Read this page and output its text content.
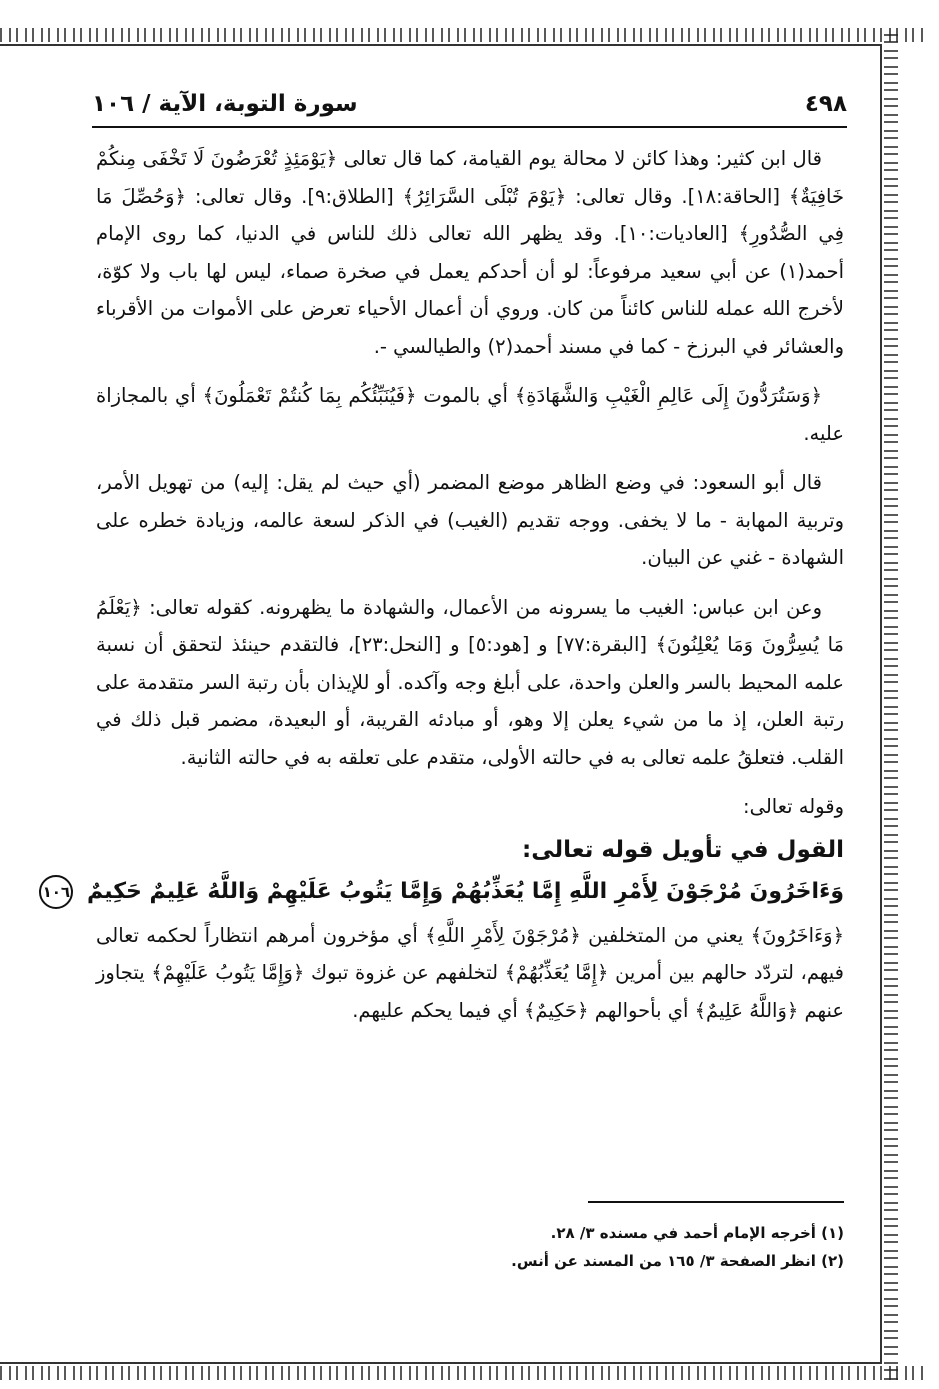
٤٩٨
سورة التوبة، الآية / ١٠٦

قال ابن كثير: وهذا كائن لا محالة يوم القيامة، كما قال تعالى ﴿يَوْمَئِذٍ تُعْرَضُونَ لَا تَخْفَى مِنكُمْ خَافِيَةٌ﴾ [الحاقة:١٨]. وقال تعالى: ﴿يَوْمَ تُبْلَى السَّرَائِرُ﴾ [الطلاق:٩]. وقال تعالى: ﴿وَحُصِّلَ مَا فِي الصُّدُورِ﴾ [العاديات:١٠]. وقد يظهر الله تعالى ذلك للناس في الدنيا، كما روى الإمام أحمد(١) عن أبي سعيد مرفوعاً: لو أن أحدكم يعمل في صخرة صماء، ليس لها باب ولا كوّة، لأخرج الله عمله للناس كائناً من كان. وروي أن أعمال الأحياء تعرض على الأموات من الأقرباء والعشائر في البرزخ - كما في مسند أحمد(٢) والطيالسي -.

﴿وَسَتُرَدُّونَ إِلَى عَالِمِ الْغَيْبِ وَالشَّهَادَةِ﴾ أي بالموت ﴿فَيُنَبِّئُكُم بِمَا كُنتُمْ تَعْمَلُونَ﴾ أي بالمجازاة عليه.

قال أبو السعود: في وضع الظاهر موضع المضمر (أي حيث لم يقل: إليه) من تهويل الأمر، وتربية المهابة - ما لا يخفى. ووجه تقديم (الغيب) في الذكر لسعة عالمه، وزيادة خطره على الشهادة - غني عن البيان.

وعن ابن عباس: الغيب ما يسرونه من الأعمال، والشهادة ما يظهرونه. كقوله تعالى: ﴿يَعْلَمُ مَا يُسِرُّونَ وَمَا يُعْلِنُونَ﴾ [البقرة:٧٧] و [هود:٥] و [النحل:٢٣]، فالتقدم حينئذ لتحقق أن نسبة علمه المحيط بالسر والعلن واحدة، على أبلغ وجه وآكده. أو للإيذان بأن رتبة السر متقدمة على رتبة العلن، إذ ما من شيء يعلن إلا وهو، أو مبادئه القريبة، أو البعيدة، مضمر قبل ذلك في القلب. فتعلقُ علمه تعالى به في حالته الأولى، متقدم على تعلقه به في حالته الثانية.

وقوله تعالى:

القول في تأويل قوله تعالى:
وَءَاخَرُونَ مُرْجَوْنَ لِأَمْرِ اللَّهِ إِمَّا يُعَذِّبُهُمْ وَإِمَّا يَتُوبُ عَلَيْهِمْ وَاللَّهُ عَلِيمٌ حَكِيمٌ ١٠٦

﴿وَءَاخَرُونَ﴾ يعني من المتخلفين ﴿مُرْجَوْنَ لِأَمْرِ اللَّهِ﴾ أي مؤخرون أمرهم انتظاراً لحكمه تعالى فيهم، لتردّد حالهم بين أمرين ﴿إِمَّا يُعَذِّبُهُمْ﴾ لتخلفهم عن غزوة تبوك ﴿وَإِمَّا يَتُوبُ عَلَيْهِمْ﴾ يتجاوز عنهم ﴿وَاللَّهُ عَلِيمٌ﴾ أي بأحوالهم ﴿حَكِيمٌ﴾ أي فيما يحكم عليهم.

(١) أخرجه الإمام أحمد في مسنده ٣/ ٢٨.
(٢) انظر الصفحة ٣/ ١٦٥ من المسند عن أنس.
